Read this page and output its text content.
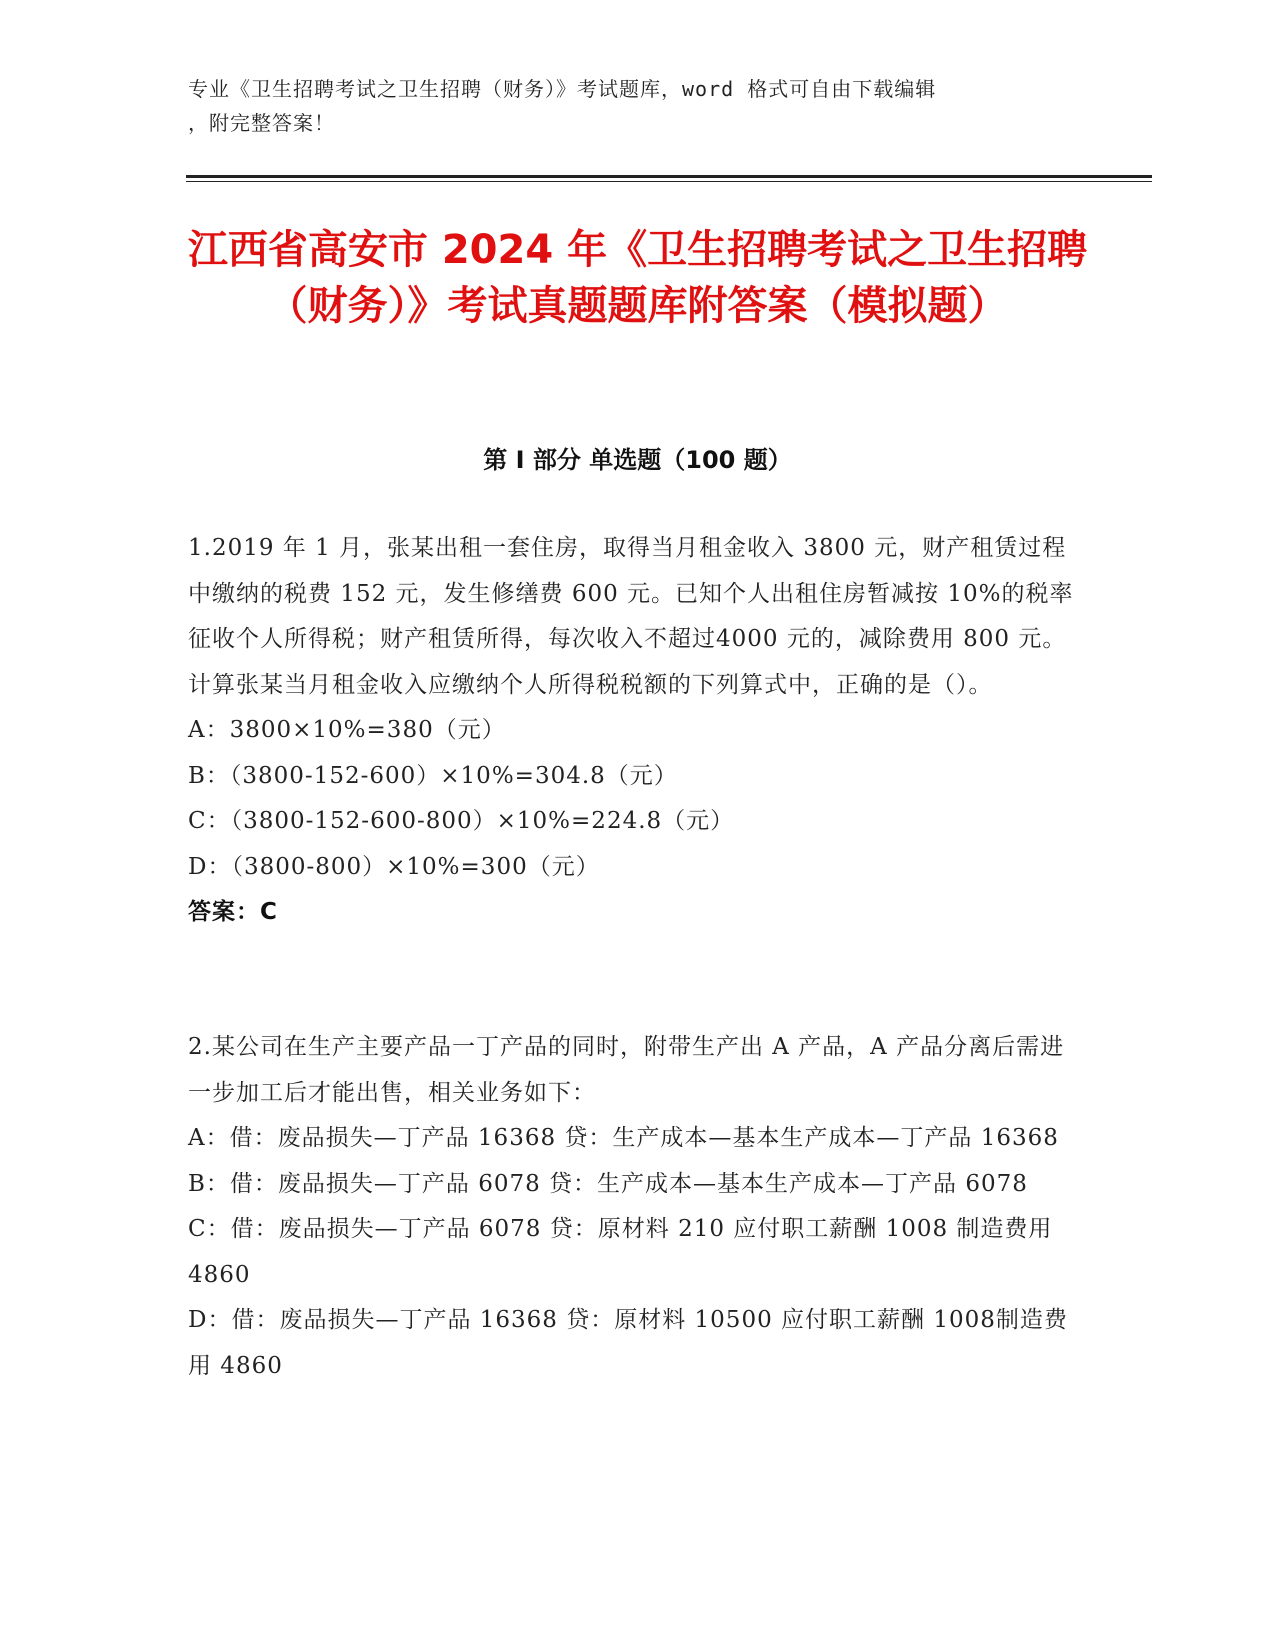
专业《卫生招聘考试之卫生招聘（财务）》考试题库，word 格式可自由下载编辑
，附完整答案！
江西省高安市 2024 年《卫生招聘考试之卫生招聘（财务）》考试真题题库附答案（模拟题）
第 I 部分 单选题（100 题）
1.2019 年 1 月，张某出租一套住房，取得当月租金收入 3800 元，财产租赁过程中缴纳的税费 152 元，发生修缮费 600 元。已知个人出租住房暂减按 10%的税率征收个人所得税；财产租赁所得，每次收入不超过4000 元的，减除费用 800 元。计算张某当月租金收入应缴纳个人所得税税额的下列算式中，正确的是（）。
A：3800×10%=380（元）
B：（3800-152-600）×10%=304.8（元）
C：（3800-152-600-800）×10%=224.8（元）
D：（3800-800）×10%=300（元）
答案：C
2.某公司在生产主要产品一丁产品的同时，附带生产出 A 产品，A 产品分离后需进一步加工后才能出售，相关业务如下：
A：借：废品损失—丁产品 16368 贷：生产成本—基本生产成本—丁产品 16368
B：借：废品损失—丁产品 6078 贷：生产成本—基本生产成本—丁产品 6078
C：借：废品损失—丁产品 6078 贷：原材料 210 应付职工薪酬 1008 制造费用 4860
D：借：废品损失—丁产品 16368 贷：原材料 10500 应付职工薪酬 1008制造费用 4860
